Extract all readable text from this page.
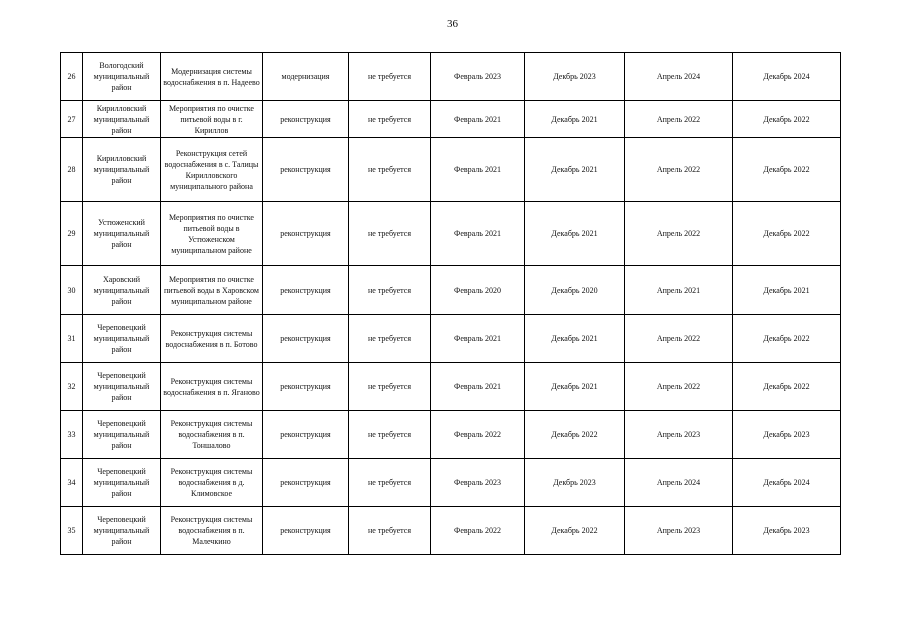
36
26	Вологодский муниципальный район	Модернизация системы водоснабжения в п. Надеево	модернизация	не требуется	Февраль 2023	Декбрь 2023	Апрель 2024	Декабрь 2024
27	Кирилловский муниципальный район	Мероприятия по очистке питьевой воды в г. Кириллов	реконструкция	не требуется	Февраль 2021	Декабрь 2021	Апрель 2022	Декабрь 2022
28	Кирилловский муниципальный район	Реконструкция сетей водоснабжения в с. Талицы Кирилловского муниципального района	реконструкция	не требуется	Февраль 2021	Декабрь 2021	Апрель 2022	Декабрь 2022
29	Устюженский муниципальный район	Мероприятия по очистке питьевой воды в Устюженском муниципальном районе	реконструкция	не требуется	Февраль 2021	Декабрь 2021	Апрель 2022	Декабрь 2022
30	Харовский муниципальный район	Мероприятия по очистке питьевой воды в Харовском муниципальном районе	реконструкция	не требуется	Февраль 2020	Декабрь 2020	Апрель 2021	Декабрь 2021
31	Череповецкий муниципальный район	Реконструкция системы водоснабжения в п. Ботово	реконструкция	не требуется	Февраль 2021	Декабрь 2021	Апрель 2022	Декабрь 2022
32	Череповецкий муниципальный район	Реконструкция системы водоснабжения в п. Яганово	реконструкция	не требуется	Февраль 2021	Декабрь 2021	Апрель 2022	Декабрь 2022
33	Череповецкий муниципальный район	Реконструкция системы водоснабжения в п. Тоншалово	реконструкция	не требуется	Февраль 2022	Декабрь 2022	Апрель 2023	Декабрь 2023
34	Череповецкий муниципальный район	Реконструкция системы водоснабжения в д. Климовское	реконструкция	не требуется	Февраль 2023	Декбрь 2023	Апрель 2024	Декабрь 2024
35	Череповецкий муниципальный район	Реконструкция системы водоснабжения в п. Малечкино	реконструкция	не требуется	Февраль 2022	Декабрь 2022	Апрель 2023	Декабрь 2023
